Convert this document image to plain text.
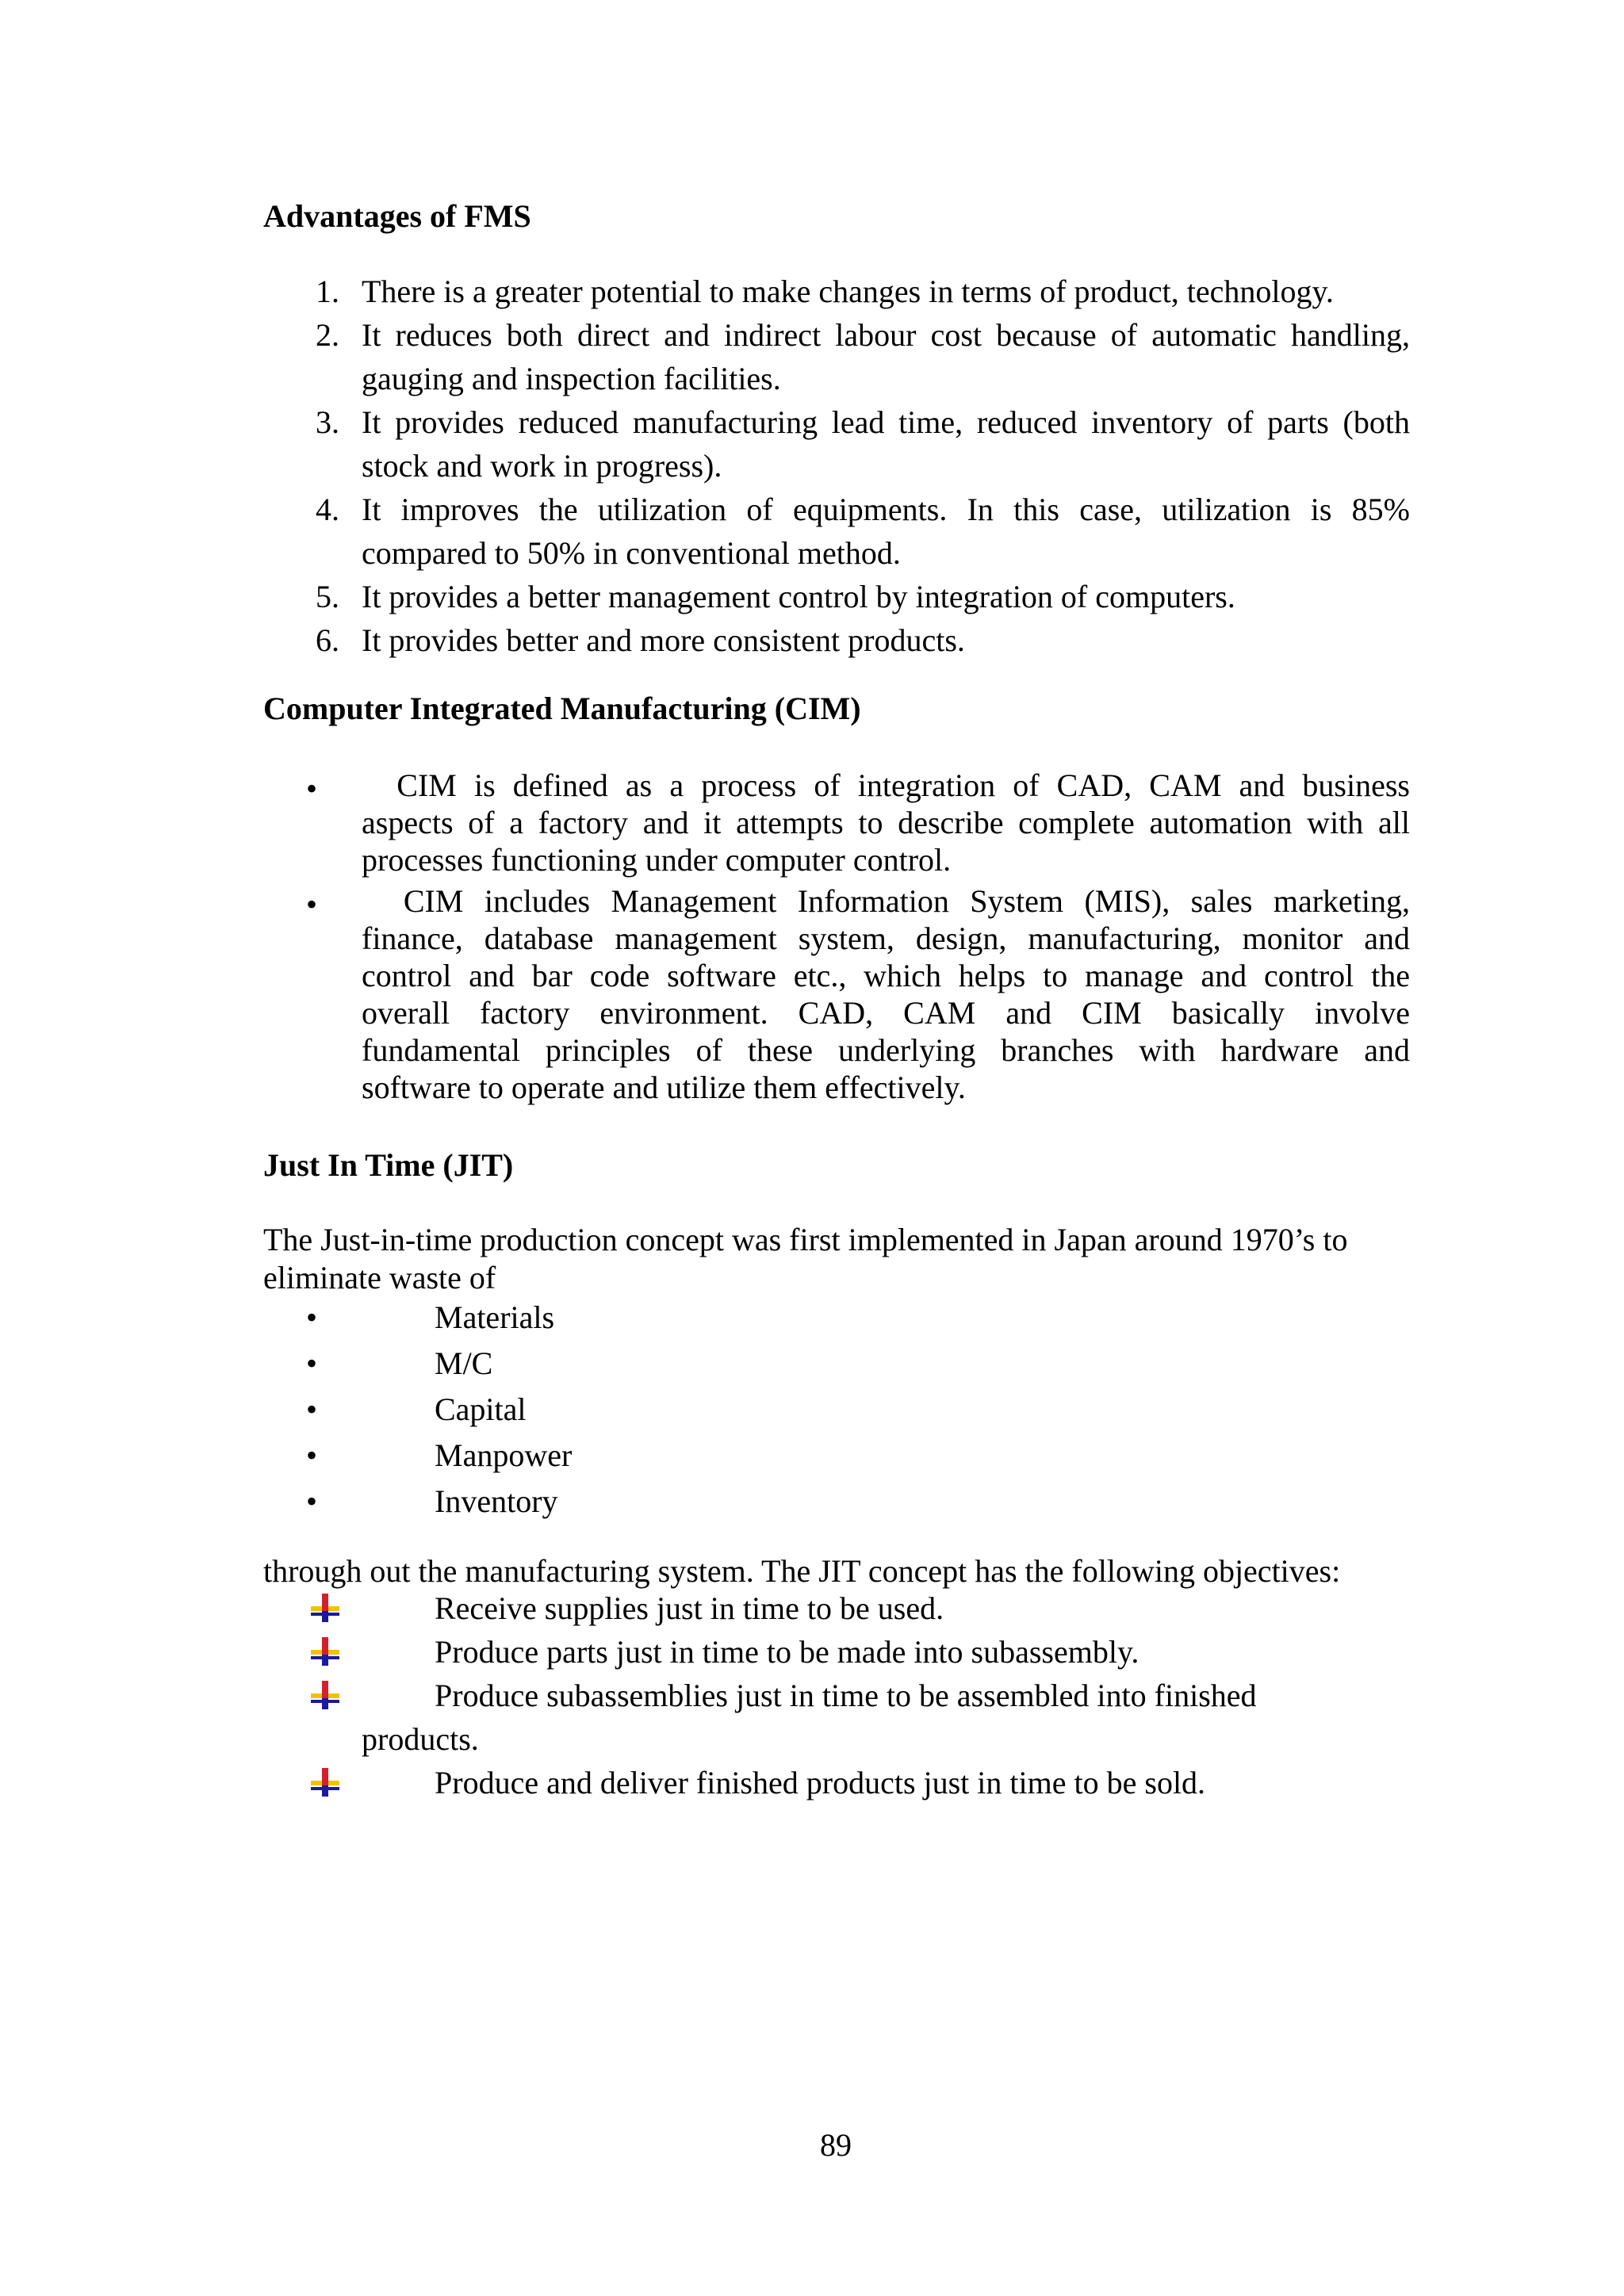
Advantages of FMS
1. There is a greater potential to make changes in terms of product, technology.
2. It reduces both direct and indirect labour cost because of automatic handling,
gauging and inspection facilities.
3. It provides reduced manufacturing lead time, reduced inventory of parts (both
stock and work in progress).
4. It improves the utilization of equipments. In this case, utilization is 85%
compared to 50% in conventional method.
5. It provides a better management control by integration of computers.
6. It provides better and more consistent products.
Computer Integrated Manufacturing (CIM)
• CIM is defined as a process of integration of CAD, CAM and business
aspects of a factory and it attempts to describe complete automation with all
processes functioning under computer control.
• CIM includes Management Information System (MIS), sales marketing,
finance, database management system, design, manufacturing, monitor and
control and bar code software etc., which helps to manage and control the
overall factory environment. CAD, CAM and CIM basically involve
fundamental principles of these underlying branches with hardware and
software to operate and utilize them effectively.
Just In Time (JIT)
The Just-in-time production concept was first implemented in Japan around 1970’s to
eliminate waste of
•	Materials
•	M/C
•	Capital
•	Manpower
•	Inventory
through out the manufacturing system. The JIT concept has the following objectives:
Receive supplies just in time to be used.
Produce parts just in time to be made into subassembly.
Produce subassemblies just in time to be assembled into finished
products.
Produce and deliver finished products just in time to be sold.
89
